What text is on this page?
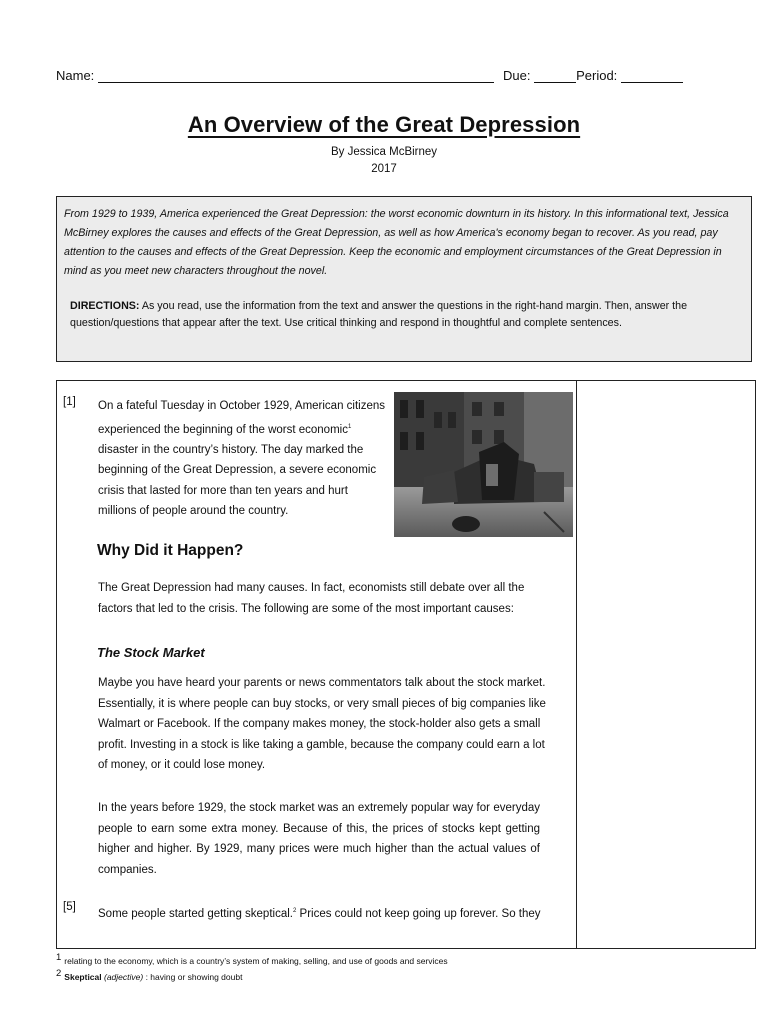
Name:	Due:	Period:
An Overview of the Great Depression
By Jessica McBirney
2017

From 1929 to 1939, America experienced the Great Depression: the worst economic downturn in its history. In this informational text, Jessica McBirney explores the causes and effects of the Great Depression, as well as how America's economy began to recover. As you read, pay attention to the causes and effects of the Great Depression. Keep the economic and employment circumstances of the Great Depression in mind as you meet new characters throughout the novel.

DIRECTIONS: As you read, use the information from the text and answer the questions in the right-hand margin. Then, answer the question/questions that appear after the text. Use critical thinking and respond in thoughtful and complete sentences.
[1] On a fateful Tuesday in October 1929, American citizens experienced the beginning of the worst economic$^1$ disaster in the country’s history. The day marked the beginning of the Great Depression, a severe economic crisis that lasted for more than ten years and hurt millions of people around the country.
Why Did it Happen?

The Great Depression had many causes. In fact, economists still debate over all the factors that led to the crisis. The following are some of the most important causes:

The Stock Market

Maybe you have heard your parents or news commentators talk about the stock market. Essentially, it is where people can buy stocks, or very small pieces of big companies like Walmart or Facebook. If the company makes money, the stock-holder also gets a small profit. Investing in a stock is like taking a gamble, because the company could earn a lot of money, or it could lose money.

In the years before 1929, the stock market was an extremely popular way for everyday people to earn some extra money. Because of this, the prices of stocks kept getting higher and higher. By 1929, many prices were much higher than the actual values of companies.

[5]
Some people started getting skeptical.$^2$ Prices could not keep going up forever. So they
1 relating to the economy, which is a country’s system of making, selling, and use of goods and services
2 Skeptical (adjective) : having or showing doubt
